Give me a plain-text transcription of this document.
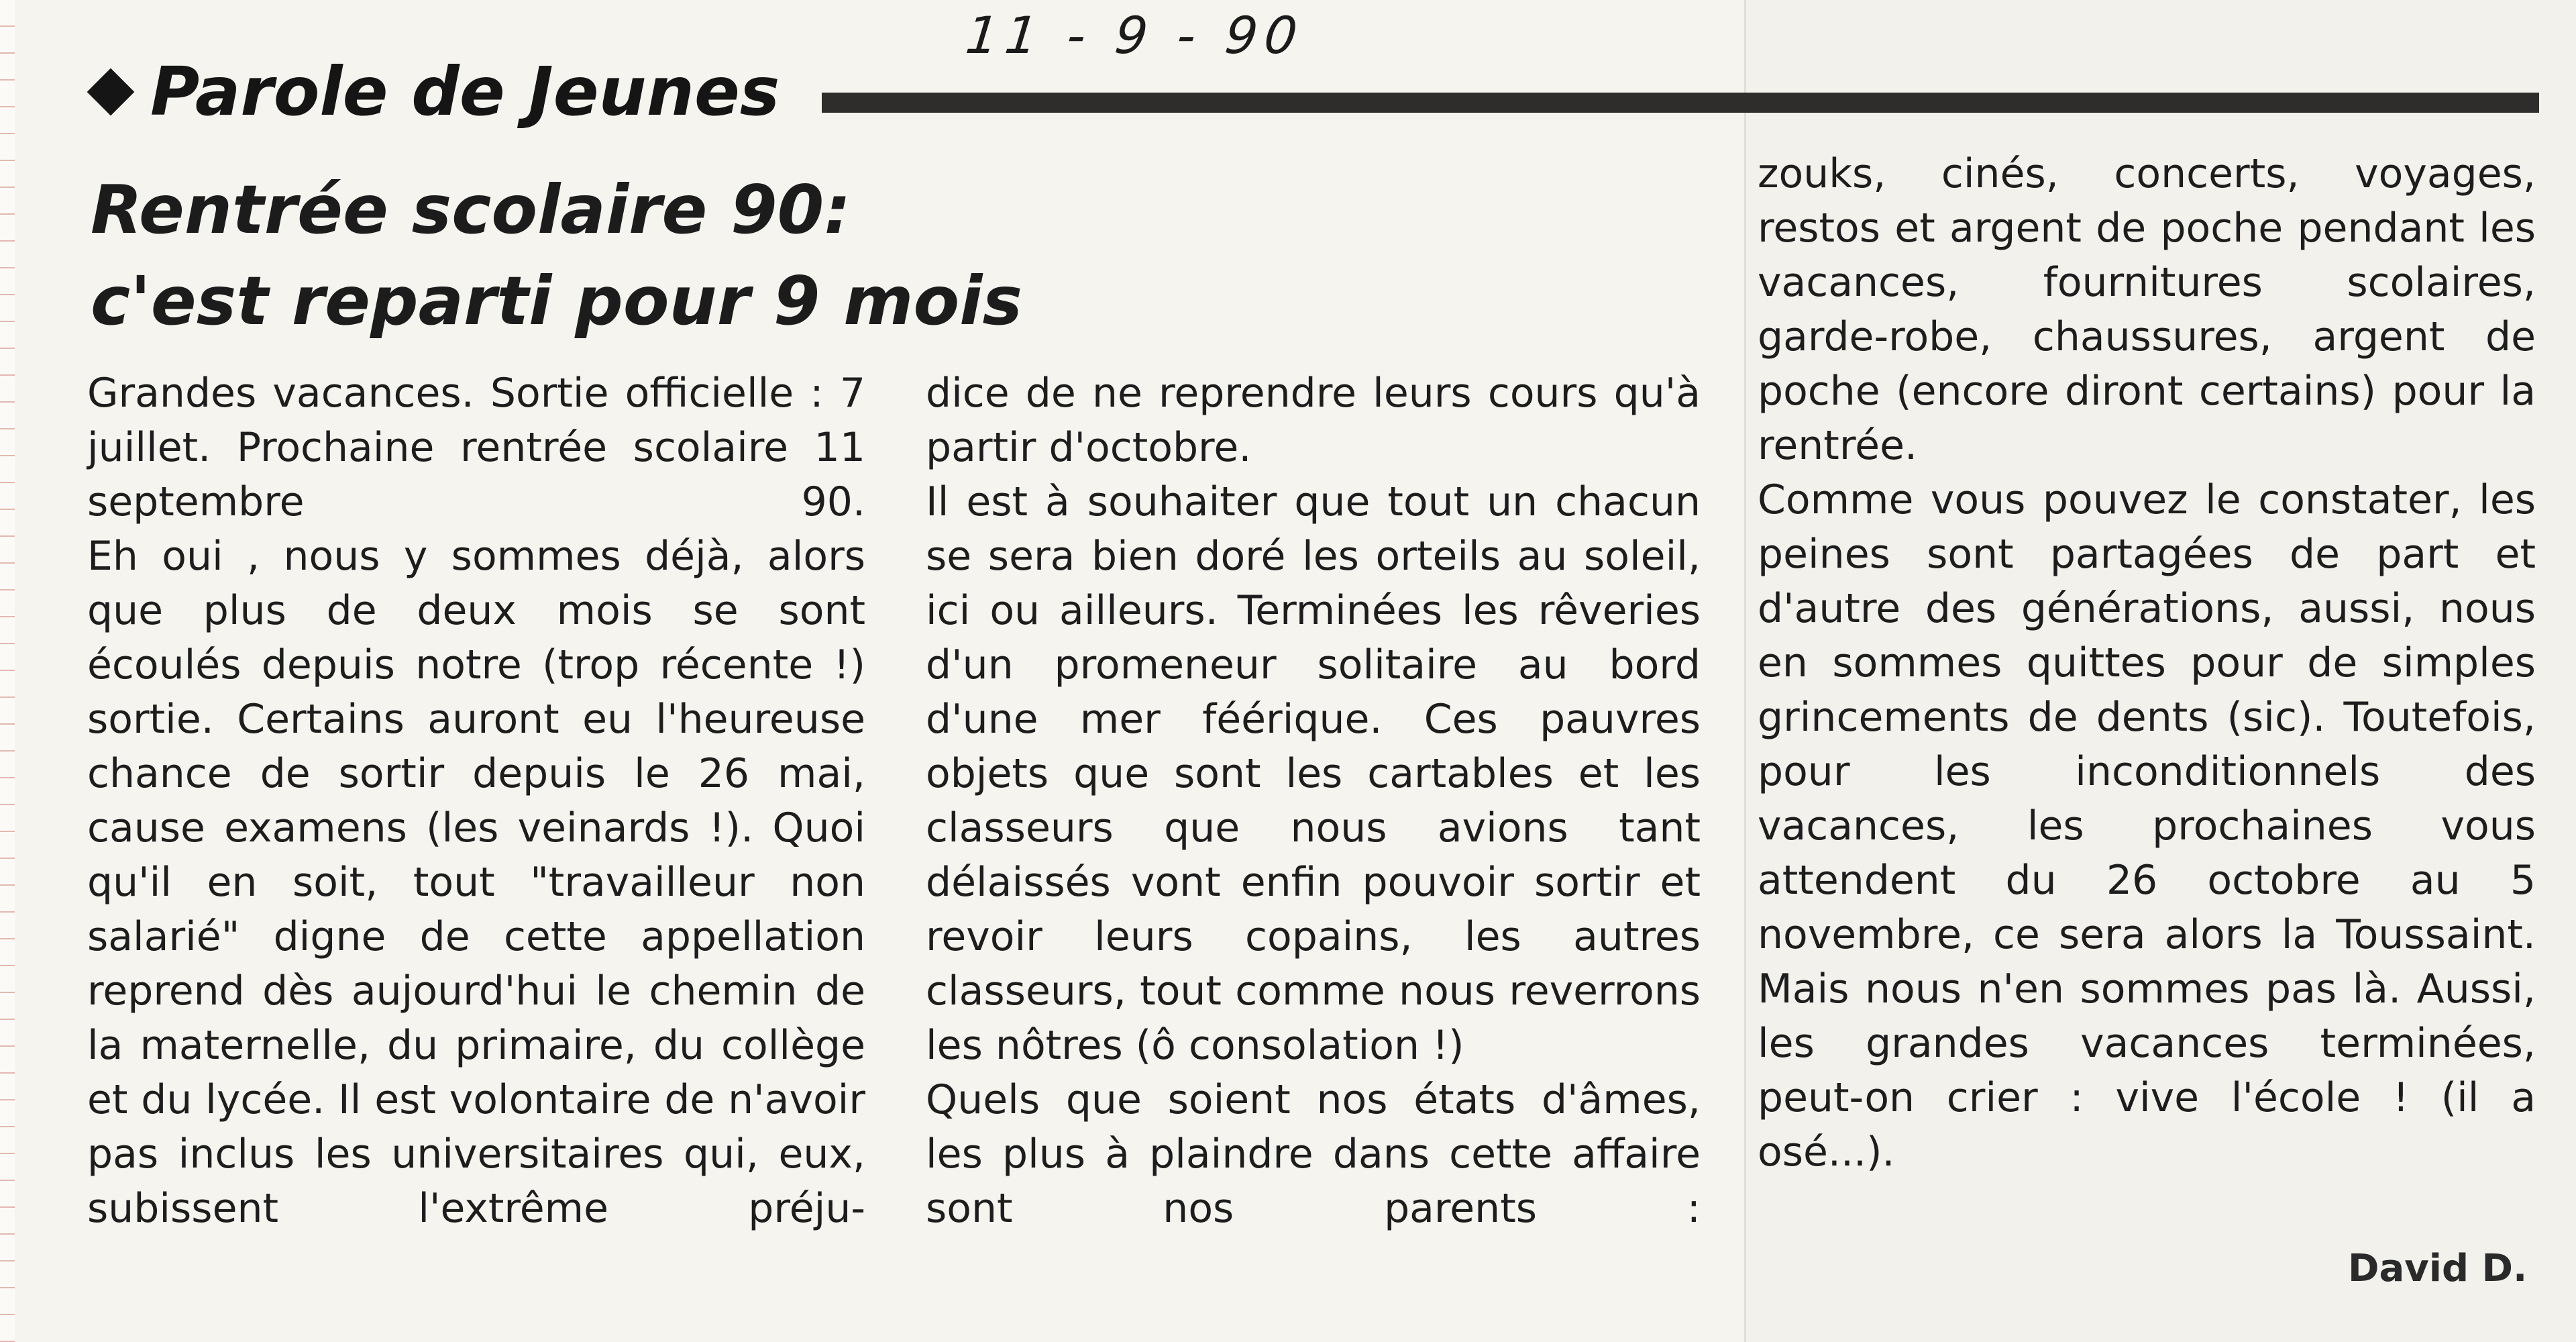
11 - 9 - 90
Parole de Jeunes
Rentrée scolaire 90:
c'est reparti pour 9 mois

Grandes vacances. Sortie officielle : 7 juillet. Prochaine rentrée scolaire 11 septembre 90.

Eh oui , nous y sommes déjà, alors que plus de deux mois se sont écoulés depuis notre (trop récente !) sortie. Certains auront eu l'heureuse chance de sortir depuis le 26 mai, cause examens (les veinards !). Quoi qu'il en soit, tout "travailleur non salarié" digne de cette appellation reprend dès aujourd'hui le chemin de la maternelle, du primaire, du collège et du lycée. Il est volontaire de n'avoir pas inclus les universitaires qui, eux, subissent l'extrême préju-

dice de ne reprendre leurs cours qu'à partir d'octobre.

Il est à souhaiter que tout un chacun se sera bien doré les orteils au soleil, ici ou ailleurs. Terminées les rêveries d'un promeneur solitaire au bord d'une mer féérique. Ces pauvres objets que sont les cartables et les classeurs que nous avions tant délaissés vont enfin pouvoir sortir et revoir leurs copains, les autres classeurs, tout comme nous reverrons les nôtres (ô consolation !)

Quels que soient nos états d'âmes, les plus à plaindre dans cette affaire sont nos parents :

zouks, cinés, concerts, voyages, restos et argent de poche pendant les vacances, fournitures scolaires, garde-robe, chaussures, argent de poche (encore diront certains) pour la rentrée.

Comme vous pouvez le constater, les peines sont partagées de part et d'autre des générations, aussi, nous en sommes quittes pour de simples grincements de dents (sic). Toutefois, pour les inconditionnels des vacances, les prochaines vous attendent du 26 octobre au 5 novembre, ce sera alors la Toussaint. Mais nous n'en sommes pas là. Aussi, les grandes vacances terminées, peut-on crier : vive l'école ! (il a osé...).

David D.
